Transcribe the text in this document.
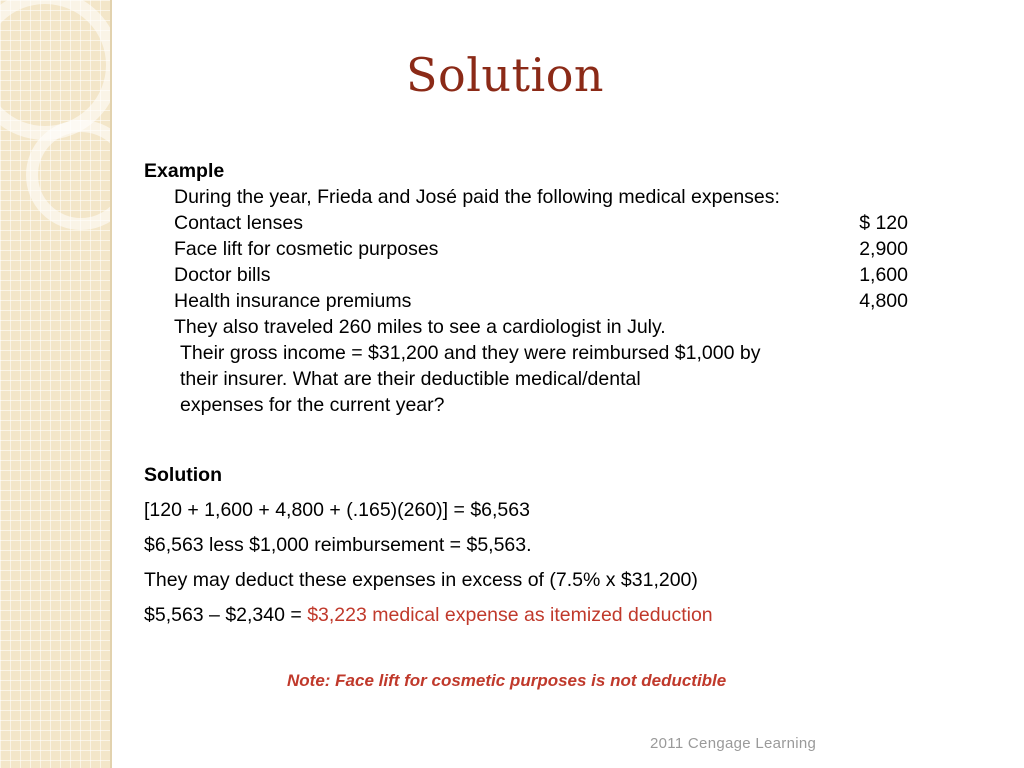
Solution
Example
During the year, Frieda and José paid the following medical expenses:
Contact lenses	$ 120
Face lift for cosmetic purposes	2,900
Doctor bills	1,600
Health insurance premiums	4,800
They also traveled 260 miles to see a cardiologist in July.
Their gross income = $31,200 and they were reimbursed $1,000 by
their insurer. What are their deductible medical/dental
expenses for the current year?
Solution
[120 + 1,600 + 4,800 + (.165)(260)] = $6,563
$6,563 less $1,000 reimbursement = $5,563.
They may deduct these expenses in excess of (7.5% x $31,200)
$5,563 – $2,340 = $3,223 medical expense as itemized deduction
Note: Face lift for cosmetic purposes is not deductible
2011 Cengage Learning
